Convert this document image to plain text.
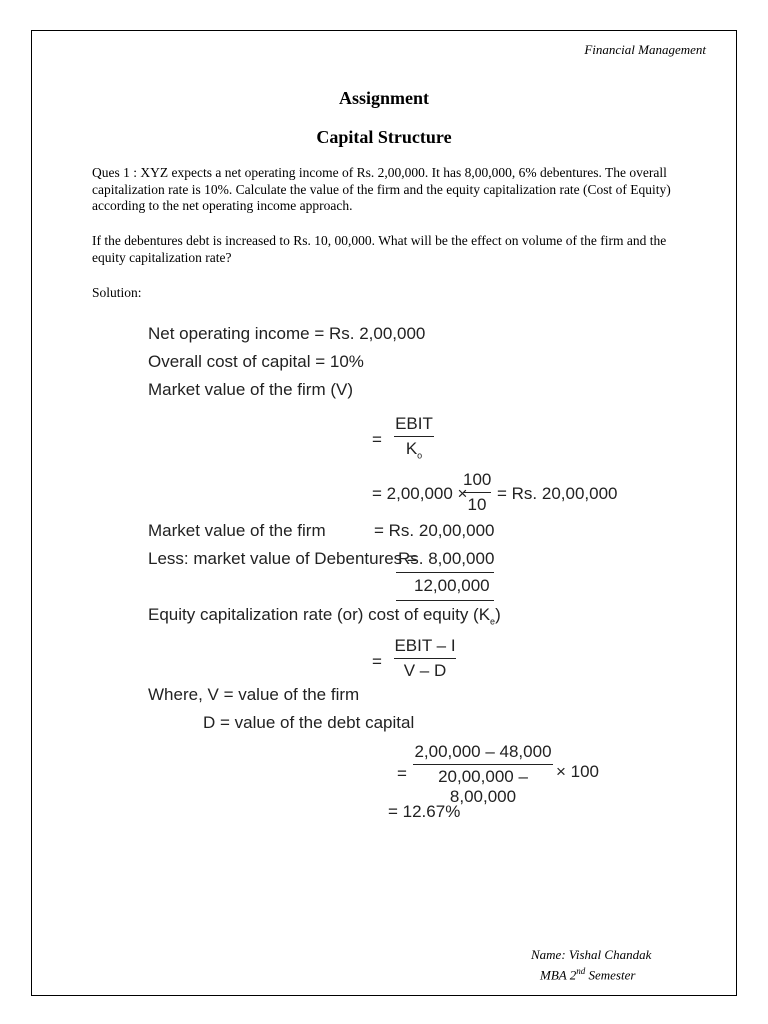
Financial Management
Assignment
Capital Structure
Ques 1 : XYZ expects a net operating income of Rs. 2,00,000. It has 8,00,000, 6% debentures. The overall capitalization rate is 10%. Calculate the value of the firm and the equity capitalization rate (Cost of Equity) according to the net operating income approach.
If the debentures debt is increased to Rs. 10, 00,000. What will be the effect on volume of the firm and the equity capitalization rate?
Solution:
Net operating income = Rs. 2,00,000
Overall cost of capital = 10%
Market value of the firm (V)
=
EBIT
$K_o$
= 2,00,000 ×
$\frac{100}{10} = Rs$. 20,00,000
Market value of the firm	= Rs. 20,00,000
Less: market value of Debentures =
Rs. 8,00,000
12,00,000
Equity capitalization rate (or) cost of equity $(K_e)$
=
EBIT – I
V – D
Where, V = value of the firm
D = value of the debt capital
= $\frac{2,00,000 - 48,000}{20,00,000 - 8,00,000} \times 100$
= 12.67%
Name: Vishal Chandak
MBA 2nd Semester
